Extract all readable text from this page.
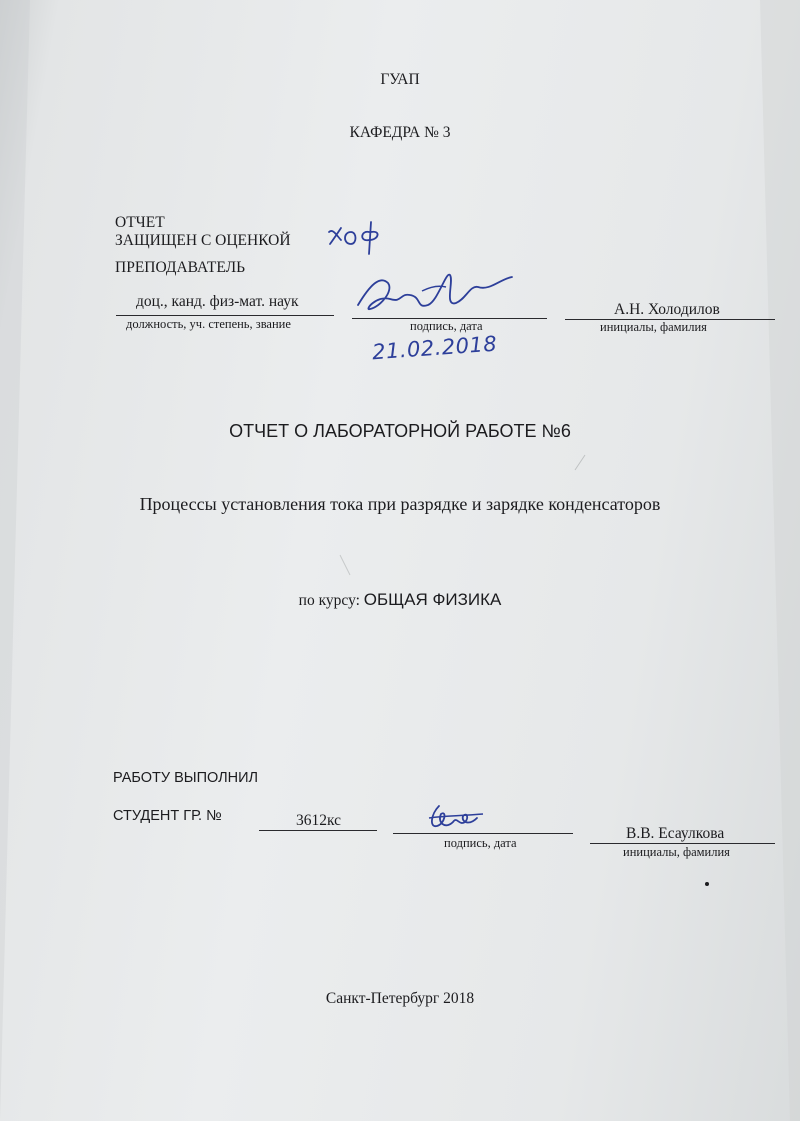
ГУАП
КАФЕДРА № 3
ОТЧЕТ
ЗАЩИЩЕН С ОЦЕНКОЙ
ПРЕПОДАВАТЕЛЬ
доц., канд. физ-мат. наук
должность, уч. степень, звание	подпись, дата
А.Н. Холодилов
инициалы, фамилия
21.02.2018
ОТЧЕТ О ЛАБОРАТОРНОЙ РАБОТЕ №6
Процессы установления тока при разрядке и зарядке конденсаторов
по курсу: ОБЩАЯ ФИЗИКА
РАБОТУ ВЫПОЛНИЛ
СТУДЕНТ ГР. №	3612кс
подпись, дата
В.В. Есаулкова
инициалы, фамилия
Санкт-Петербург 2018
